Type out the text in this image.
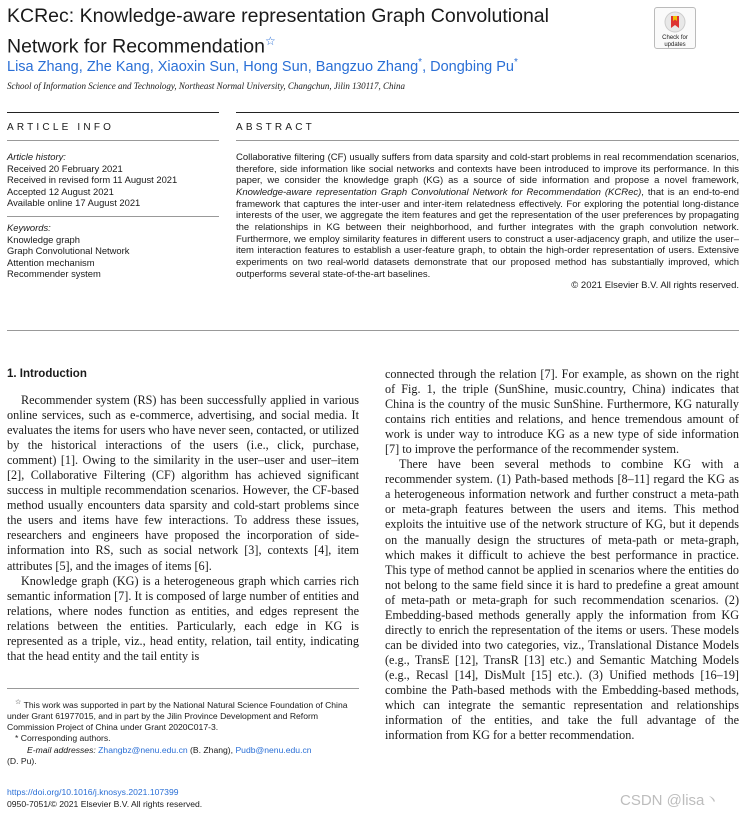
KCRec: Knowledge-aware representation Graph Convolutional Network for Recommendation☆	Check for
updates
Lisa Zhang, Zhe Kang, Xiaoxin Sun, Hong Sun, Bangzuo Zhang*, Dongbing Pu*
School of Information Science and Technology, Northeast Normal University, Changchun, Jilin 130117, China
ARTICLE INFO
Article history:
Received 20 February 2021
Received in revised form 11 August 2021
Accepted 12 August 2021
Available online 17 August 2021
Keywords:
Knowledge graph
Graph Convolutional Network
Attention mechanism
Recommender system
ABSTRACT
Collaborative filtering (CF) usually suffers from data sparsity and cold-start problems in real recommendation scenarios, therefore, side information like social networks and contexts have been introduced to improve its performance. In this paper, we consider the knowledge graph (KG) as a source of side information and propose a novel framework, Knowledge-aware representation Graph Convolutional Network for Recommendation (KCRec), that is an end-to-end framework that captures the inter-user and inter-item relatedness effectively. For exploring the potential long-distance interests of the user, we aggregate the item features and get the representation of the user preferences by propagating the relationships in KG between their neighborhood, and further integrates with the graph convolution network. Furthermore, we employ similarity features in different users to construct a user-adjacency graph, and utilize the user–item interaction features to establish a user-feature graph, to obtain the high-order representation of users. Extensive experiments on two real-world datasets demonstrate that our proposed method has substantially improved, which outperforms several state-of-the-art baselines.
© 2021 Elsevier B.V. All rights reserved.
1. Introduction

Recommender system (RS) has been successfully applied in various online services, such as e-commerce, advertising, and social media. It evaluates the items for users who have never seen, contacted, or utilized by the historical interactions of the users (i.e., click, purchase, comment) [1]. Owing to the similarity in the user–user and user–item [2], Collaborative Filtering (CF) algorithm has achieved significant success in multiple recommendation scenarios. However, the CF-based method usually encounters data sparsity and cold-start problems since the users and items have few interactions. To address these issues, researchers and engineers have proposed the incorporation of side-information into RS, such as social network [3], contexts [4], item attributes [5], and the images of items [6].

Knowledge graph (KG) is a heterogeneous graph which carries rich semantic information [7]. It is composed of large number of entities and relations, where nodes function as entities, and edges represent the relations between the entities. Particularly, each edge in KG is represented as a triple, viz., head entity, relation, tail entity, indicating that the head entity and the tail entity is

☆ This work was supported in part by the National Natural Science Foundation of China under Grant 61977015, and in part by the Jilin Province Development and Reform Commission Project of China under Grant 2020C017-3.
* Corresponding authors.
E-mail addresses: Zhangbz@nenu.edu.cn (B. Zhang), Pudb@nenu.edu.cn
(D. Pu).
https://doi.org/10.1016/j.knosys.2021.107399
0950-7051/© 2021 Elsevier B.V. All rights reserved.

connected through the relation [7]. For example, as shown on the right of Fig. 1, the triple (SunShine, music.country, China) indicates that China is the country of the music SunShine. Furthermore, KG naturally contains rich entities and relations, and hence tremendous amount of work is under way to introduce KG as a new type of side information [7] to improve the performance of the recommender system.

There have been several methods to combine KG with a recommender system. (1) Path-based methods [8–11] regard the KG as a heterogeneous information network and further construct a meta-path or meta-graph features between the users and items. This method exploits the intuitive use of the network structure of KG, but it depends on the manually design the structures of meta-path or meta-graph, which makes it difficult to achieve the best performance in practice. This type of method cannot be applied in scenarios where the entities do not belong to the same field since it is hard to predefine a great amount of meta-path or meta-graph for such recommendation scenarios. (2) Embedding-based methods generally apply the information from KG directly to enrich the representation of the items or users. These models can be divided into two categories, viz., Translational Distance Models (e.g., TransE [12], TransR [13] etc.) and Semantic Matching Models (e.g., Recasl [14], DisMult [15] etc.). (3) Unified methods [16–19] combine the Path-based methods with the Embedding-based methods, which can integrate the semantic representation and relationships information of the entities, and take the full advantage of the information from KG for a better recommendation.

CSDN @lisa丶
